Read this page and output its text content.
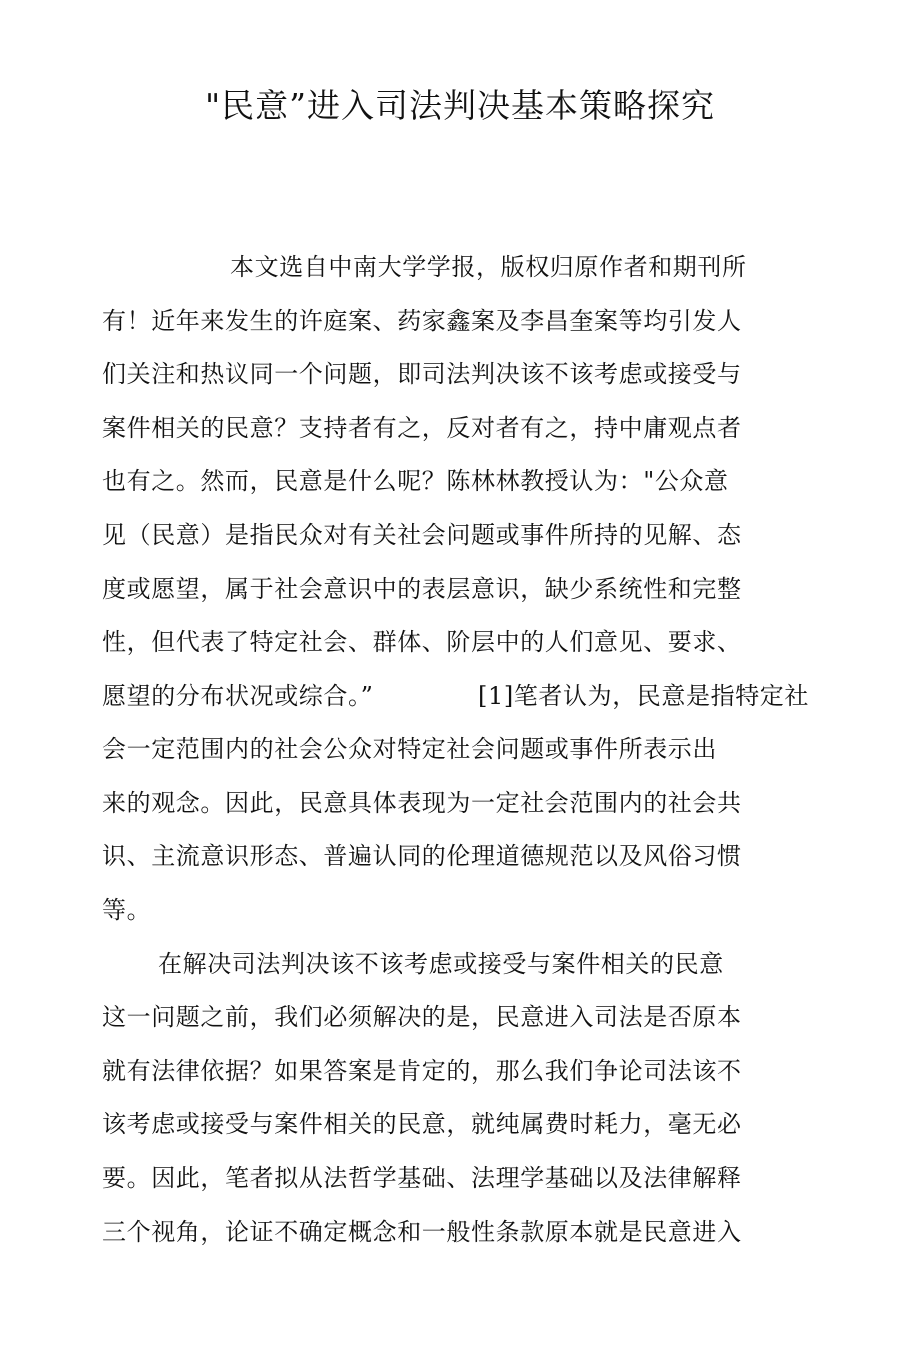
"民意”进入司法判决基本策略探究
本文选自中南大学学报，版权归原作者和期刊所
有！近年来发生的许庭案、药家鑫案及李昌奎案等均引发人
们关注和热议同一个问题，即司法判决该不该考虑或接受与
案件相关的民意？支持者有之，反对者有之，持中庸观点者
也有之。然而，民意是什么呢？陈林林教授认为："公众意
见（民意）是指民众对有关社会问题或事件所持的见解、态
度或愿望，属于社会意识中的表层意识，缺少系统性和完整
性，但代表了特定社会、群体、阶层中的人们意见、要求、
愿望的分布状况或综合。”	[1]笔者认为，民意是指特定社
会一定范围内的社会公众对特定社会问题或事件所表示出
来的观念。因此，民意具体表现为一定社会范围内的社会共
识、主流意识形态、普遍认同的伦理道德规范以及风俗习惯
等。
在解决司法判决该不该考虑或接受与案件相关的民意
这一问题之前，我们必须解决的是，民意进入司法是否原本
就有法律依据？如果答案是肯定的，那么我们争论司法该不
该考虑或接受与案件相关的民意，就纯属费时耗力，毫无必
要。因此，笔者拟从法哲学基础、法理学基础以及法律解释
三个视角，论证不确定概念和一般性条款原本就是民意进入
